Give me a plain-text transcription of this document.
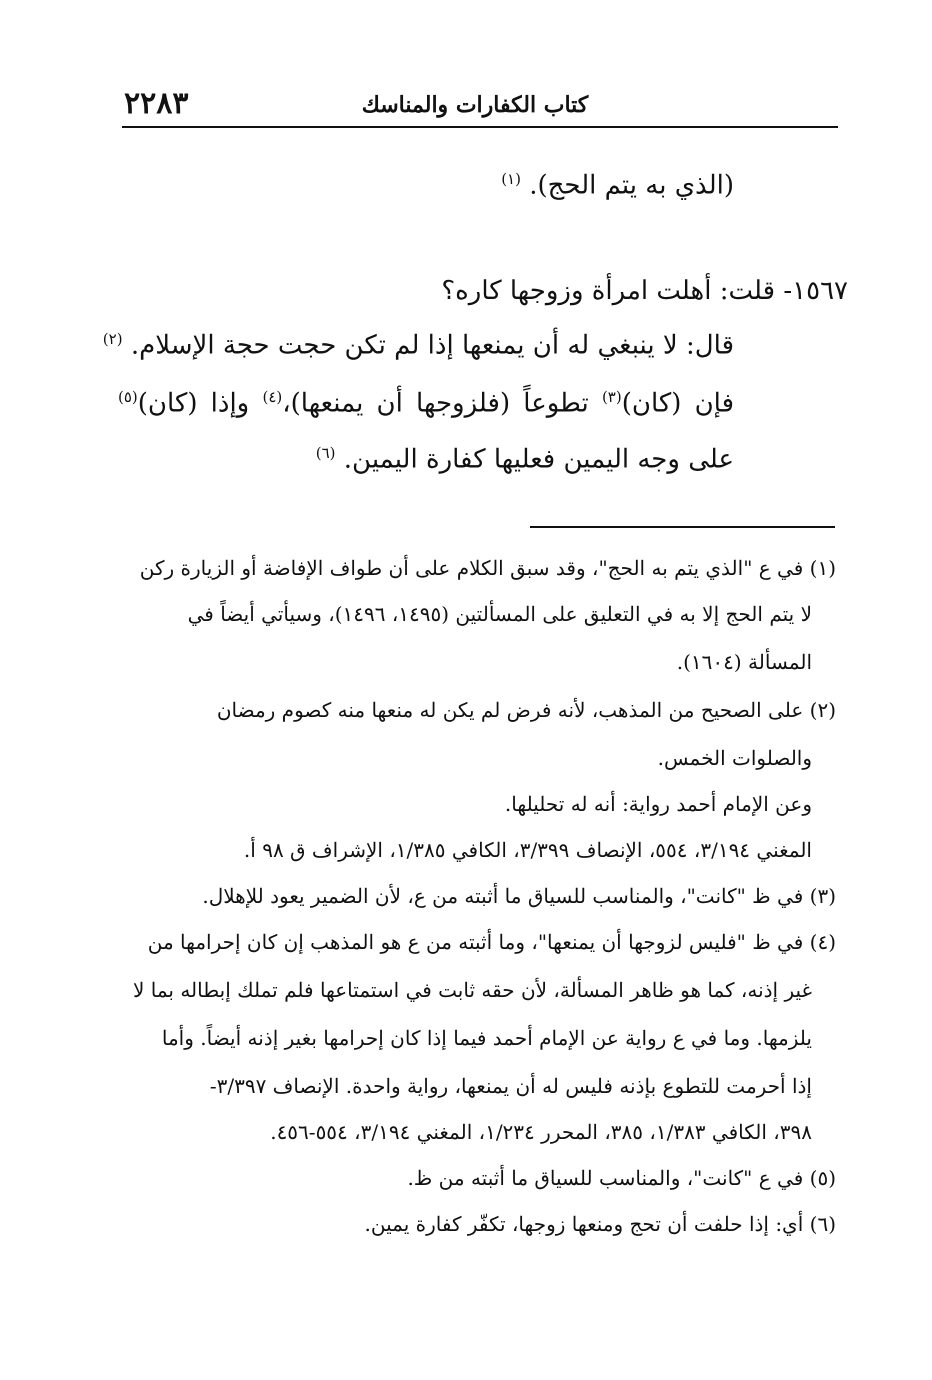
٢٢٨٣	كتاب الكفارات والمناسك
(الذي به يتم الحج). $^{(١)}$
١٥٦٧- قلت: أهلت امرأة وزوجها كاره؟
قال: لا ينبغي له أن يمنعها إذا لم تكن حجت حجة الإسلام. $^{(٢)}$
فإن (كان)$^{(٣)}$ تطوعاً (فلزوجها أن يمنعها)،$^{(٤)}$ وإذا (كان)$^{(٥)}$
على وجه اليمين فعليها كفارة اليمين. $^{(٦)}$
(١) في ع "الذي يتم به الحج"، وقد سبق الكلام على أن طواف الإفاضة أو الزيارة ركن
لا يتم الحج إلا به في التعليق على المسألتين (١٤٩٥، ١٤٩٦)، وسيأتي أيضاً في
المسألة (١٦٠٤).
(٢) على الصحيح من المذهب، لأنه فرض لم يكن له منعها منه كصوم رمضان
والصلوات الخمس.
وعن الإمام أحمد رواية: أنه له تحليلها.
المغني ٣/١٩٤، ٥٥٤، الإنصاف ٣/٣٩٩، الكافي ١/٣٨٥، الإشراف ق ٩٨ أ.
(٣) في ظ "كانت"، والمناسب للسياق ما أثبته من ع، لأن الضمير يعود للإهلال.
(٤) في ظ "فليس لزوجها أن يمنعها"، وما أثبته من ع هو المذهب إن كان إحرامها من
غير إذنه، كما هو ظاهر المسألة، لأن حقه ثابت في استمتاعها فلم تملك إبطاله بما لا
يلزمها. وما في ع رواية عن الإمام أحمد فيما إذا كان إحرامها بغير إذنه أيضاً. وأما
إذا أحرمت للتطوع بإذنه فليس له أن يمنعها، رواية واحدة. الإنصاف ٣/٣٩٧-
٣٩٨، الكافي ١/٣٨٣، ٣٨٥، المحرر ١/٢٣٤، المغني ٣/١٩٤، ٥٥٤-٤٥٦.
(٥) في ع "كانت"، والمناسب للسياق ما أثبته من ظ.
(٦) أي: إذا حلفت أن تحج ومنعها زوجها، تكفّر كفارة يمين.
